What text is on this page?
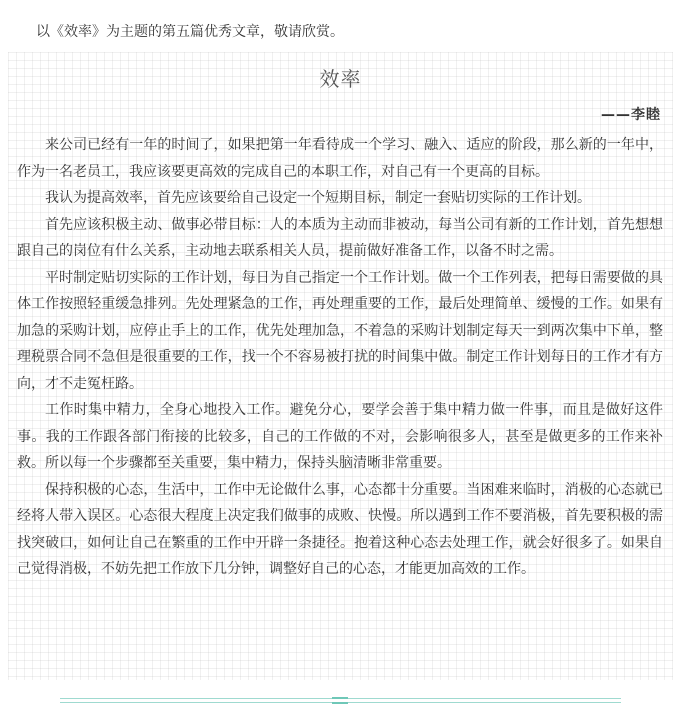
以《效率》为主题的第五篇优秀文章，敬请欣赏。
效率
——李睦

来公司已经有一年的时间了，如果把第一年看待成一个学习、融入、适应的阶段，那么新的一年中，作为一名老员工，我应该要更高效的完成自己的本职工作，对自己有一个更高的目标。

我认为提高效率，首先应该要给自己设定一个短期目标，制定一套贴切实际的工作计划。

首先应该积极主动、做事必带目标：人的本质为主动而非被动，每当公司有新的工作计划，首先想想跟自己的岗位有什么关系，主动地去联系相关人员，提前做好准备工作，以备不时之需。

平时制定贴切实际的工作计划，每日为自己指定一个工作计划。做一个工作列表，把每日需要做的具体工作按照轻重缓急排列。先处理紧急的工作，再处理重要的工作，最后处理简单、缓慢的工作。如果有加急的采购计划，应停止手上的工作，优先处理加急，不着急的采购计划制定每天一到两次集中下单，整理税票合同不急但是很重要的工作，找一个不容易被打扰的时间集中做。制定工作计划每日的工作才有方向，才不走冤枉路。

工作时集中精力，全身心地投入工作。避免分心，要学会善于集中精力做一件事，而且是做好这件事。我的工作跟各部门衔接的比较多，自己的工作做的不对，会影响很多人，甚至是做更多的工作来补救。所以每一个步骤都至关重要，集中精力，保持头脑清晰非常重要。

保持积极的心态，生活中，工作中无论做什么事，心态都十分重要。当困难来临时，消极的心态就已经将人带入误区。心态很大程度上决定我们做事的成败、快慢。所以遇到工作不要消极，首先要积极的需找突破口，如何让自己在繁重的工作中开辟一条捷径。抱着这种心态去处理工作，就会好很多了。如果自己觉得消极，不妨先把工作放下几分钟，调整好自己的心态，才能更加高效的工作。
